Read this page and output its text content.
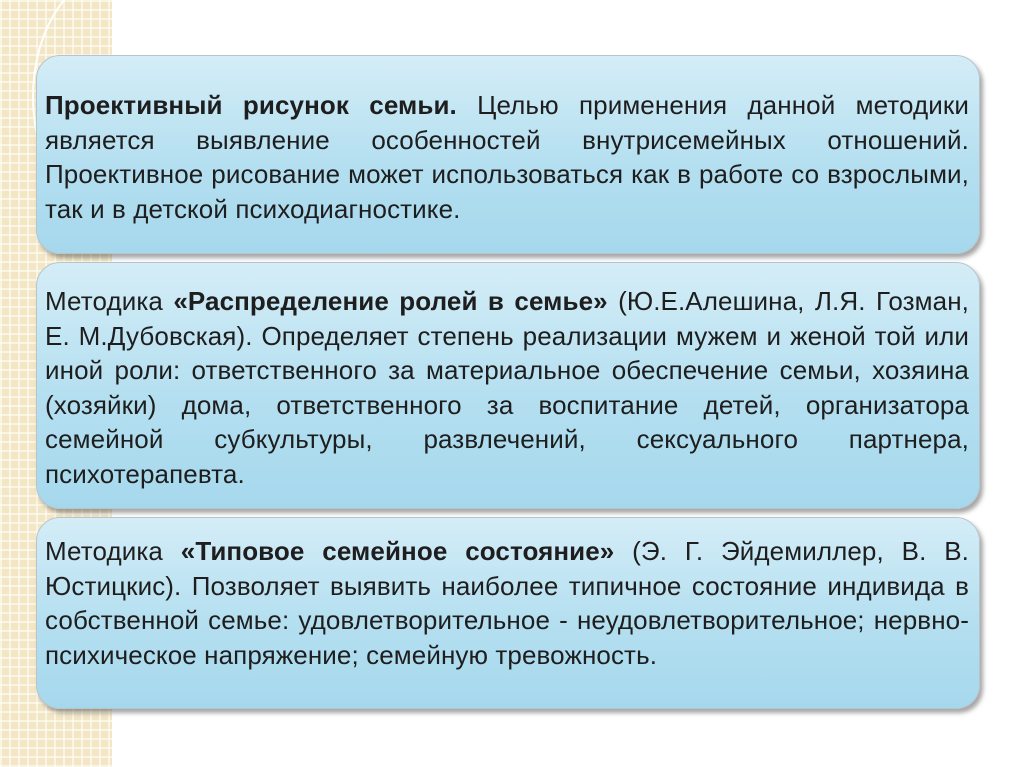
Проективный рисунок семьи. Целью применения данной методики является выявление особенностей внутрисемейных отношений. Проективное рисование может использоваться как в работе со взрослыми, так и в детской психодиагностике.
Методика «Распределение ролей в семье» (Ю.Е.Алешина, Л.Я. Гозман, Е. М.Дубовская). Определяет степень реализации мужем и женой той или иной роли: ответственного за материальное обеспечение семьи, хозяина (хозяйки) дома, ответственного за воспитание детей, организатора семейной субкультуры, развлечений, сексуального партнера, психотерапевта.
Методика «Типовое семейное состояние» (Э. Г. Эйдемиллер, В. В. Юстицкис). Позволяет выявить наиболее типичное состояние индивида в собственной семье: удовлетворительное - неудовлетворительное; нервно-психическое напряжение; семейную тревожность.
